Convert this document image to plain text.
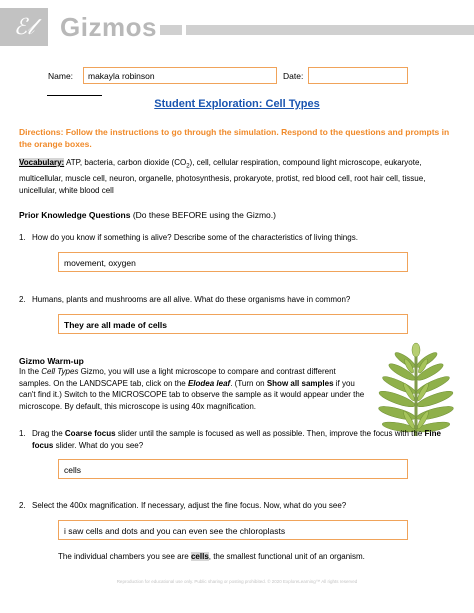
ℰ𝓁 Gizmos
Name:	makayla robinson	Date:
Student Exploration: Cell Types
Directions: Follow the instructions to go through the simulation. Respond to the questions and prompts in the orange boxes.
Vocabulary: ATP, bacteria, carbon dioxide $(CO_2)$, cell, cellular respiration, compound light microscope, eukaryote, multicellular, muscle cell, neuron, organelle, photosynthesis, prokaryote, protist, red blood cell, root hair cell, tissue, unicellular, white blood cell
Prior Knowledge Questions (Do these BEFORE using the Gizmo.)
1. How do you know if something is alive? Describe some of the characteristics of living things.
movement, oxygen
2. Humans, plants and mushrooms are all alive. What do these organisms have in common?
They are all made of cells
Gizmo Warm-up
In the Cell Types Gizmo, you will use a light microscope to compare and contrast different samples. On the LANDSCAPE tab, click on the Elodea leaf. (Turn on Show all samples if you can't find it.) Switch to the MICROSCOPE tab to observe the sample as it would appear under the microscope. By default, this microscope is using 40x magnification.
1. Drag the Coarse focus slider until the sample is focused as well as possible. Then, improve the focus with the Fine focus slider. What do you see?
cells
2. Select the 400x magnification. If necessary, adjust the fine focus. Now, what do you see?
i saw cells and dots and you can even see the chloroplasts
The individual chambers you see are cells, the smallest functional unit of an organism.
Reproduction for educational use only. Public sharing or posting prohibited. © 2020 ExploreLearning™ All rights reserved
